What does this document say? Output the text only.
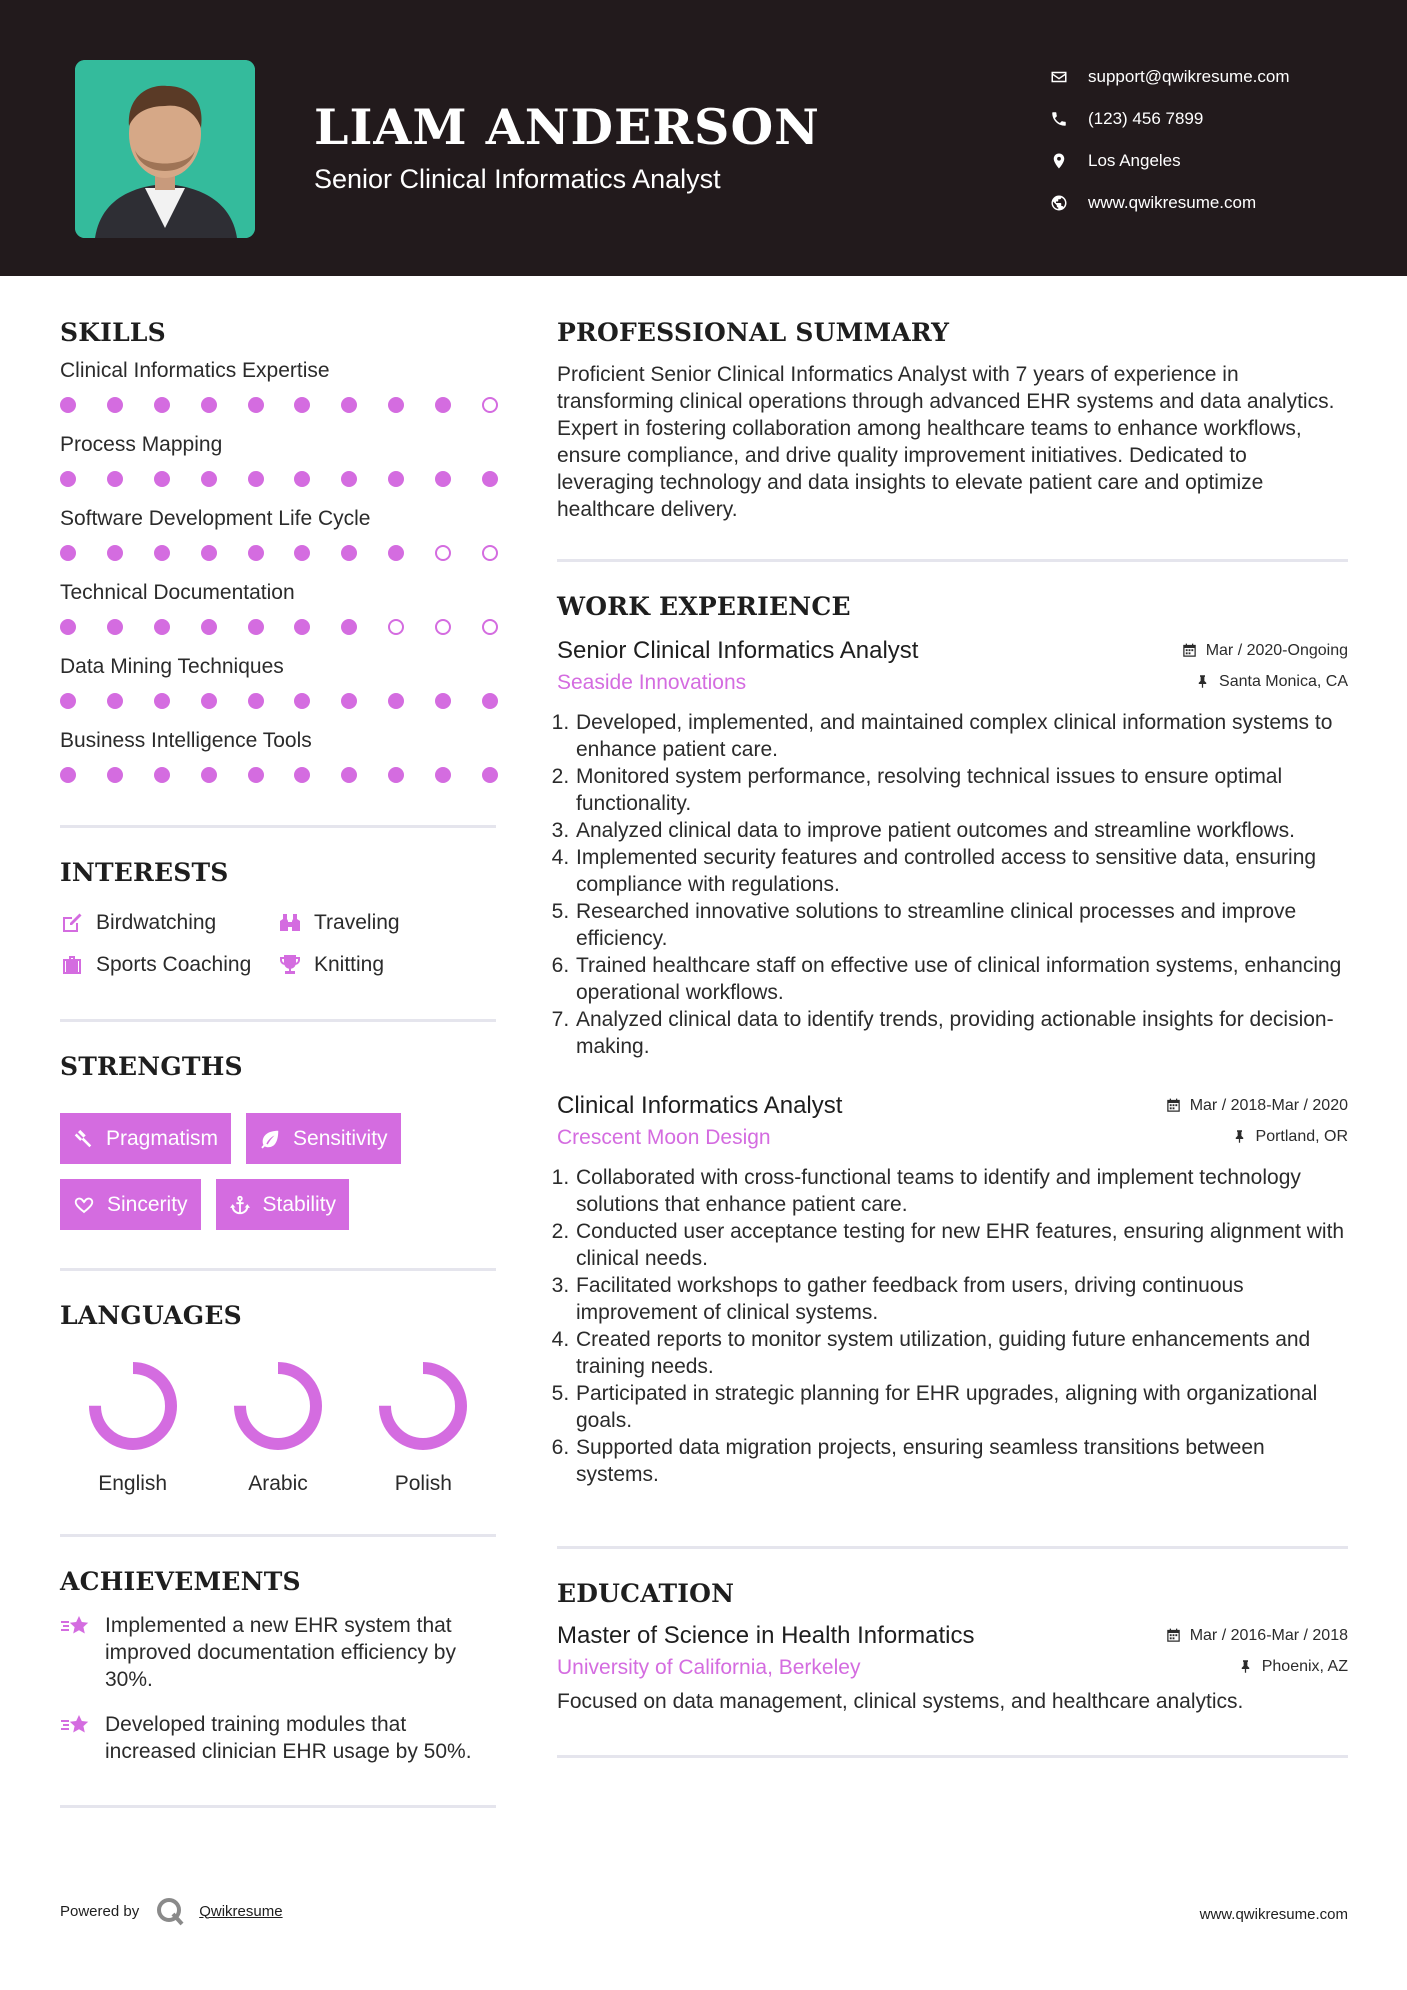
LIAM ANDERSON
Senior Clinical Informatics Analyst
support@qwikresume.com
(123) 456 7899
Los Angeles
www.qwikresume.com
SKILLS
Clinical Informatics Expertise
Process Mapping
Software Development Life Cycle
Technical Documentation
Data Mining Techniques
Business Intelligence Tools
INTERESTS
Birdwatching	Traveling
Sports Coaching	Knitting
STRENGTHS
Pragmatism	Sensitivity
Sincerity	Stability
LANGUAGES
English	Arabic	Polish
ACHIEVEMENTS
Implemented a new EHR system that improved documentation efficiency by 30%.
Developed training modules that increased clinician EHR usage by 50%.
PROFESSIONAL SUMMARY
Proficient Senior Clinical Informatics Analyst with 7 years of experience in transforming clinical operations through advanced EHR systems and data analytics. Expert in fostering collaboration among healthcare teams to enhance workflows, ensure compliance, and drive quality improvement initiatives. Dedicated to leveraging technology and data insights to elevate patient care and optimize healthcare delivery.
WORK EXPERIENCE
Senior Clinical Informatics Analyst	Mar / 2020-Ongoing
Seaside Innovations	Santa Monica, CA
1. Developed, implemented, and maintained complex clinical information systems to enhance patient care.
2. Monitored system performance, resolving technical issues to ensure optimal functionality.
3. Analyzed clinical data to improve patient outcomes and streamline workflows.
4. Implemented security features and controlled access to sensitive data, ensuring compliance with regulations.
5. Researched innovative solutions to streamline clinical processes and improve efficiency.
6. Trained healthcare staff on effective use of clinical information systems, enhancing operational workflows.
7. Analyzed clinical data to identify trends, providing actionable insights for decision-making.
Clinical Informatics Analyst	Mar / 2018-Mar / 2020
Crescent Moon Design	Portland, OR
1. Collaborated with cross-functional teams to identify and implement technology solutions that enhance patient care.
2. Conducted user acceptance testing for new EHR features, ensuring alignment with clinical needs.
3. Facilitated workshops to gather feedback from users, driving continuous improvement of clinical systems.
4. Created reports to monitor system utilization, guiding future enhancements and training needs.
5. Participated in strategic planning for EHR upgrades, aligning with organizational goals.
6. Supported data migration projects, ensuring seamless transitions between systems.
EDUCATION
Master of Science in Health Informatics	Mar / 2016-Mar / 2018
University of California, Berkeley	Phoenix, AZ
Focused on data management, clinical systems, and healthcare analytics.
Powered by	Qwikresume	www.qwikresume.com
